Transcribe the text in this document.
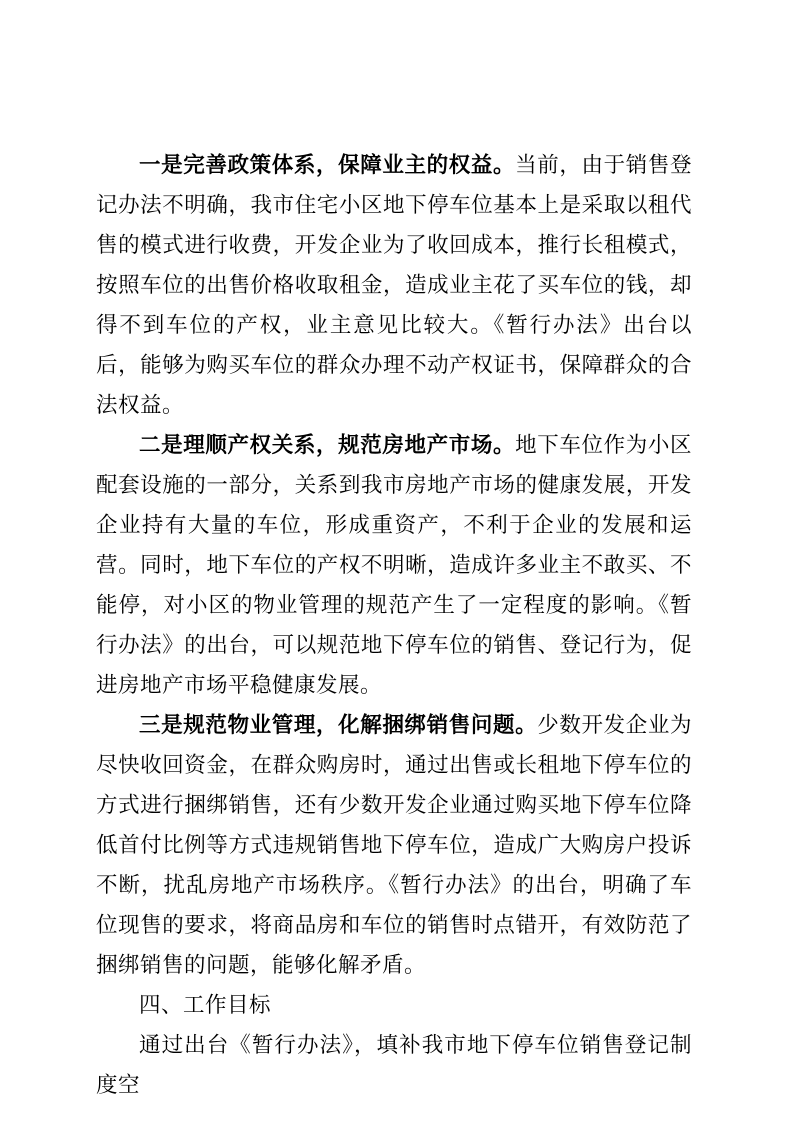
一是完善政策体系，保障业主的权益。当前，由于销售登记办法不明确，我市住宅小区地下停车位基本上是采取以租代售的模式进行收费，开发企业为了收回成本，推行长租模式，按照车位的出售价格收取租金，造成业主花了买车位的钱，却得不到车位的产权，业主意见比较大。《暂行办法》出台以后，能够为购买车位的群众办理不动产权证书，保障群众的合法权益。

二是理顺产权关系，规范房地产市场。地下车位作为小区配套设施的一部分，关系到我市房地产市场的健康发展，开发企业持有大量的车位，形成重资产，不利于企业的发展和运营。同时，地下车位的产权不明晰，造成许多业主不敢买、不能停，对小区的物业管理的规范产生了一定程度的影响。《暂行办法》的出台，可以规范地下停车位的销售、登记行为，促进房地产市场平稳健康发展。

三是规范物业管理，化解捆绑销售问题。少数开发企业为尽快收回资金，在群众购房时，通过出售或长租地下停车位的方式进行捆绑销售，还有少数开发企业通过购买地下停车位降低首付比例等方式违规销售地下停车位，造成广大购房户投诉不断，扰乱房地产市场秩序。《暂行办法》的出台，明确了车位现售的要求，将商品房和车位的销售时点错开，有效防范了捆绑销售的问题，能够化解矛盾。

四、工作目标

通过出台《暂行办法》，填补我市地下停车位销售登记制度空
